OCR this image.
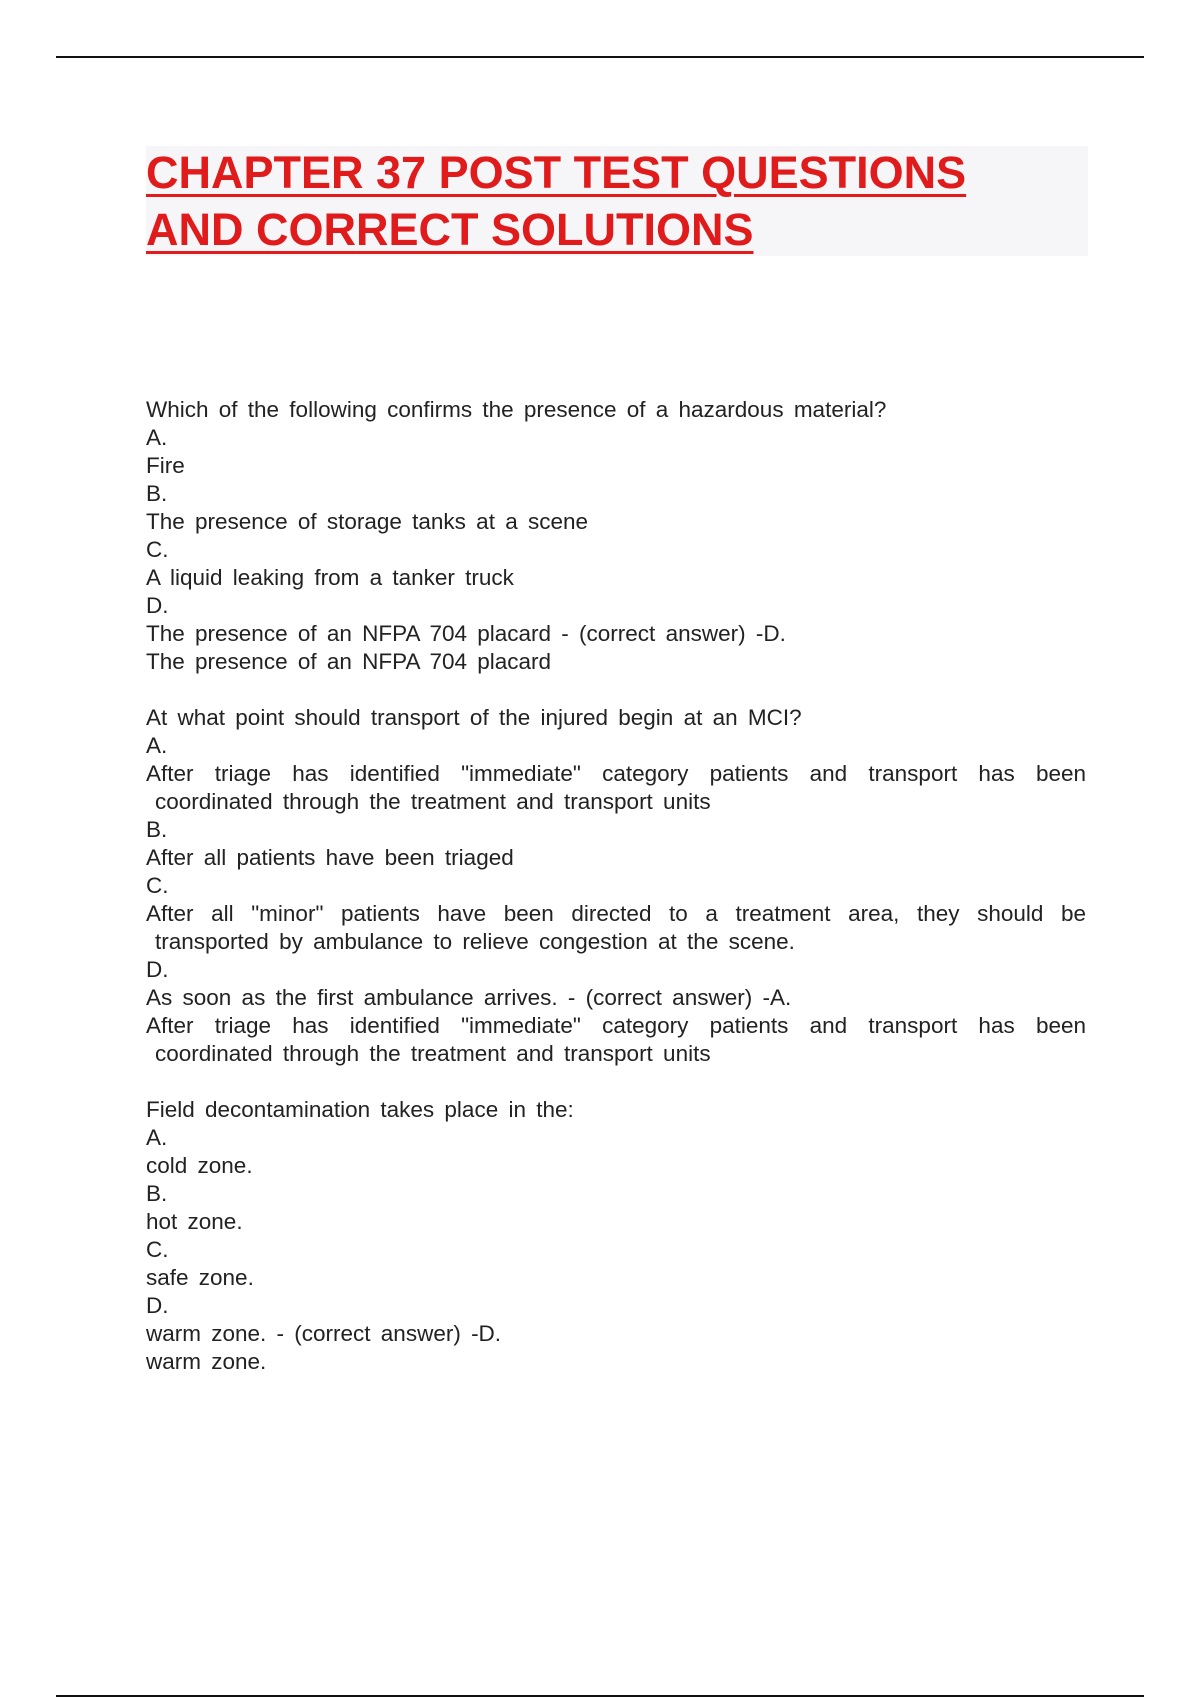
CHAPTER 37 POST TEST QUESTIONS
AND CORRECT SOLUTIONS
Which of the following confirms the presence of a hazardous material?
A.
Fire
B.
The presence of storage tanks at a scene
C.
A liquid leaking from a tanker truck
D.
The presence of an NFPA 704 placard - (correct answer) -D.
The presence of an NFPA 704 placard
At what point should transport of the injured begin at an MCI?
A.
After triage has identified "immediate" category patients and transport has been
coordinated through the treatment and transport units
B.
After all patients have been triaged
C.
After all "minor" patients have been directed to a treatment area, they should be
transported by ambulance to relieve congestion at the scene.
D.
As soon as the first ambulance arrives. - (correct answer) -A.
After triage has identified "immediate" category patients and transport has been
coordinated through the treatment and transport units
Field decontamination takes place in the:
A.
cold zone.
B.
hot zone.
C.
safe zone.
D.
warm zone. - (correct answer) -D.
warm zone.
